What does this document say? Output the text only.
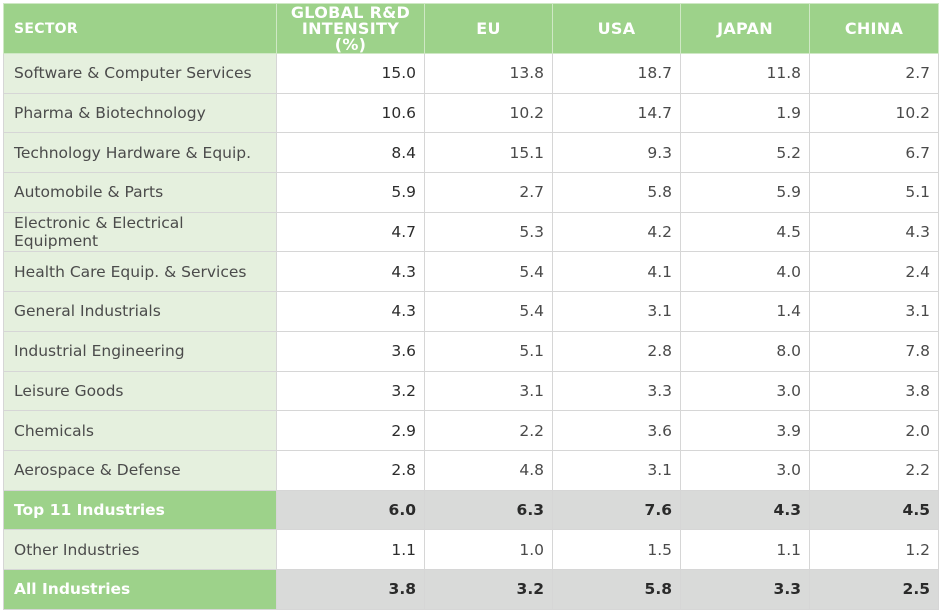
SECTOR	GLOBAL R&D INTENSITY (%)	EU	USA	JAPAN	CHINA
Software & Computer Services	15.0	13.8	18.7	11.8	2.7
Pharma & Biotechnology	10.6	10.2	14.7	1.9	10.2
Technology Hardware & Equip.	8.4	15.1	9.3	5.2	6.7
Automobile & Parts	5.9	2.7	5.8	5.9	5.1
Electronic & Electrical Equipment	4.7	5.3	4.2	4.5	4.3
Health Care Equip. & Services	4.3	5.4	4.1	4.0	2.4
General Industrials	4.3	5.4	3.1	1.4	3.1
Industrial Engineering	3.6	5.1	2.8	8.0	7.8
Leisure Goods	3.2	3.1	3.3	3.0	3.8
Chemicals	2.9	2.2	3.6	3.9	2.0
Aerospace & Defense	2.8	4.8	3.1	3.0	2.2
Top 11 Industries	6.0	6.3	7.6	4.3	4.5
Other Industries	1.1	1.0	1.5	1.1	1.2
All Industries	3.8	3.2	5.8	3.3	2.5
